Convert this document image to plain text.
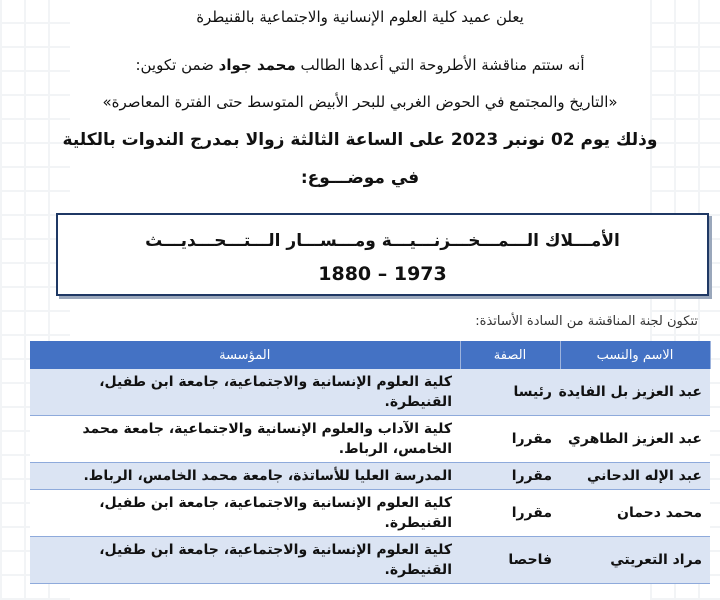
يعلن عميد كلية العلوم الإنسانية والاجتماعية بالقنيطرة
أنه ستتم مناقشة الأطروحة التي أعدها الطالب محمد جواد ضمن تكوين:
«التاريخ والمجتمع في الحوض الغربي للبحر الأبيض المتوسط حتى الفترة المعاصرة»
وذلك يوم 02 نونبر 2023 على الساعة الثالثة زوالا بمدرج الندوات بالكلية
في موضـــوع:
الأمـــلاك الـــمـــخـــزنـــيـــة ومـــســـار الـــتـــحـــديـــث
1880 – 1973
تتكون لجنة المناقشة من السادة الأساتذة:
الاسم والنسب	الصفة	المؤسسة
عبد العزيز بل الفايدة	رئيسا	كلية العلوم الإنسانية والاجتماعية، جامعة ابن طفيل، القنيطرة.
عبد العزيز الطاهري	مقررا	كلية الآداب والعلوم الإنسانية والاجتماعية، جامعة محمد الخامس، الرباط.
عبد الإله الدحاني	مقررا	المدرسة العليا للأساتذة، جامعة محمد الخامس، الرباط.
محمد دحمان	مقررا	كلية العلوم الإنسانية والاجتماعية، جامعة ابن طفيل، القنيطرة.
مراد التعريتي	فاحصا	كلية العلوم الإنسانية والاجتماعية، جامعة ابن طفيل، القنيطرة.
